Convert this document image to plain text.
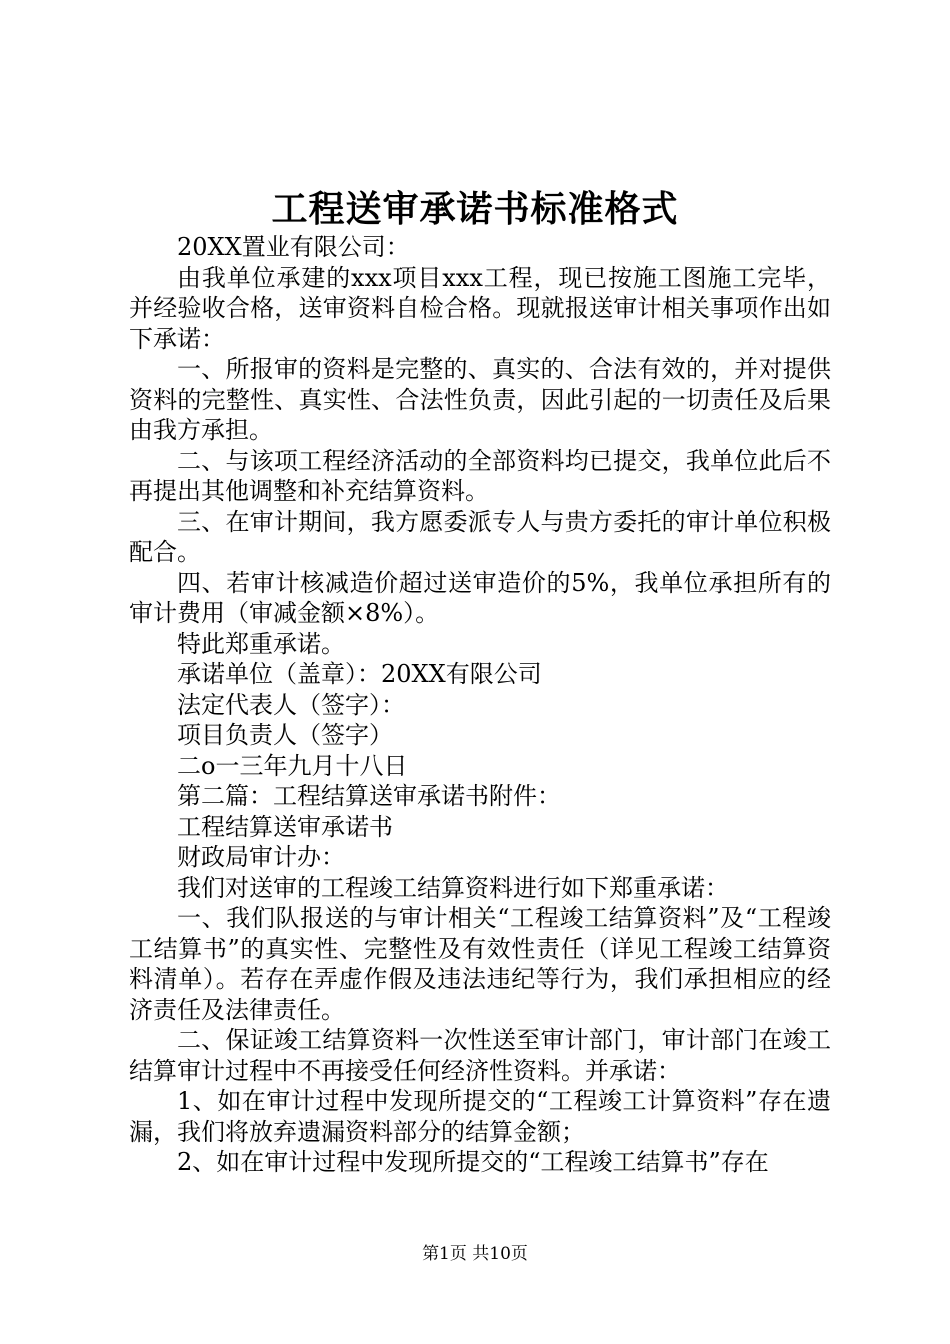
工程送审承诺书标准格式

20XX置业有限公司：

由我单位承建的xxx项目xxx工程，现已按施工图施工完毕，并经验收合格，送审资料自检合格。现就报送审计相关事项作出如下承诺：

一、所报审的资料是完整的、真实的、合法有效的，并对提供资料的完整性、真实性、合法性负责，因此引起的一切责任及后果由我方承担。

二、与该项工程经济活动的全部资料均已提交，我单位此后不再提出其他调整和补充结算资料。

三、在审计期间，我方愿委派专人与贵方委托的审计单位积极配合。

四、若审计核减造价超过送审造价的5%，我单位承担所有的审计费用（审减金额×8%）。

特此郑重承诺。

承诺单位（盖章）：20XX有限公司

法定代表人（签字）：

项目负责人（签字）

二o一三年九月十八日

第二篇：工程结算送审承诺书附件：

工程结算送审承诺书

财政局审计办：

我们对送审的工程竣工结算资料进行如下郑重承诺：

一、我们队报送的与审计相关“工程竣工结算资料”及“工程竣工结算书”的真实性、完整性及有效性责任（详见工程竣工结算资料清单）。若存在弄虚作假及违法违纪等行为，我们承担相应的经济责任及法律责任。

二、保证竣工结算资料一次性送至审计部门，审计部门在竣工结算审计过程中不再接受任何经济性资料。并承诺：

1、如在审计过程中发现所提交的“工程竣工计算资料”存在遗漏，我们将放弃遗漏资料部分的结算金额；

2、如在审计过程中发现所提交的“工程竣工结算书”存在

第1页 共10页
